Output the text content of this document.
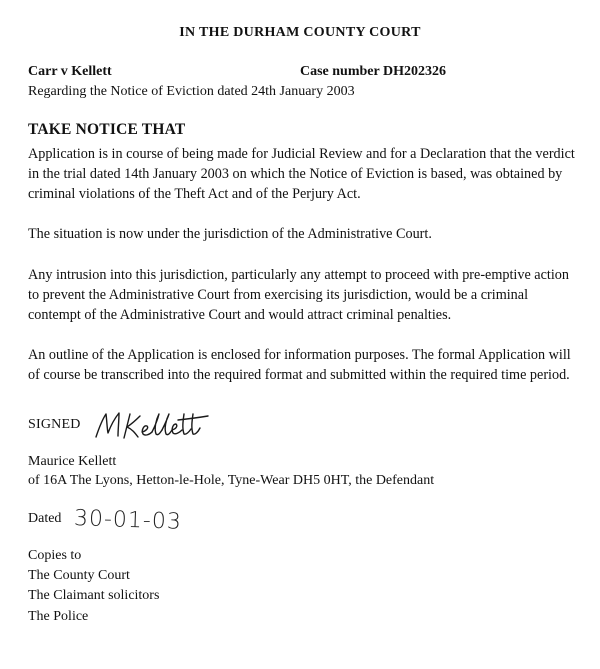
IN THE DURHAM COUNTY COURT
Carr v Kellett	Case number DH202326
Regarding the Notice of Eviction dated 24th January 2003
TAKE NOTICE THAT

Application is in course of being made for Judicial Review and for a Declaration that the verdict in the trial dated 14th January 2003 on which the Notice of Eviction is based, was obtained by criminal violations of the Theft Act and of the Perjury Act.

The situation is now under the jurisdiction of the Administrative Court.

Any intrusion into this jurisdiction, particularly any attempt to proceed with pre-emptive action to prevent the Administrative Court from exercising its jurisdiction, would be a criminal contempt of the Administrative Court and would attract criminal penalties.

An outline of the Application is enclosed for information purposes. The formal Application will of course be transcribed into the required format and submitted within the required time period.

SIGNED
Maurice Kellett
of 16A The Lyons, Hetton-le-Hole, Tyne-Wear DH5 0HT, the Defendant
Dated 30-01-03
Copies to
The County Court
The Claimant solicitors
The Police
